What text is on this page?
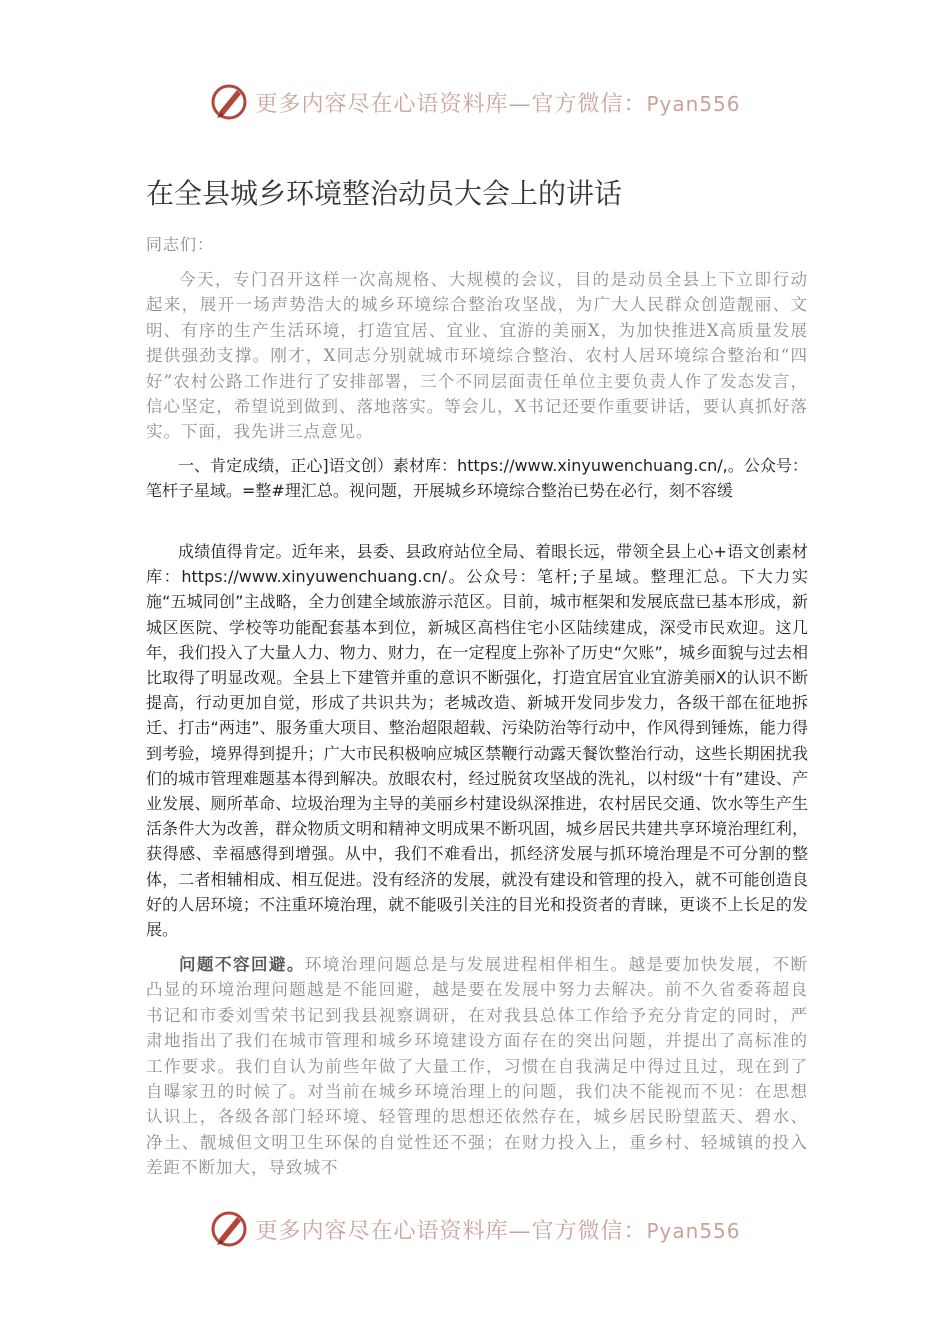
更多内容尽在心语资料库—官方微信：Pyan556
在全县城乡环境整治动员大会上的讲话

同志们：

今天，专门召开这样一次高规格、大规模的会议，目的是动员全县上下立即行动起来，展开一场声势浩大的城乡环境综合整治攻坚战，为广大人民群众创造靓丽、文明、有序的生产生活环境，打造宜居、宜业、宜游的美丽X，为加快推进X高质量发展提供强劲支撑。刚才，X同志分别就城市环境综合整治、农村人居环境综合整治和“四好”农村公路工作进行了安排部署，三个不同层面责任单位主要负责人作了发态发言，信心坚定，希望说到做到、落地落实。等会儿，X书记还要作重要讲话，要认真抓好落实。下面，我先讲三点意见。

一、肯定成绩，正心]语文创）素材库：https://www.xinyuwenchuang.cn/,。公众号：笔杆子星域。=整#理汇总。视问题，开展城乡环境综合整治已势在必行，刻不容缓

成绩值得肯定。近年来，县委、县政府站位全局、着眼长远，带领全县上心+语文创素材库：https://www.xinyuwenchuang.cn/。公众号：笔杆;子星域。整理汇总。下大力实施“五城同创”主战略，全力创建全域旅游示范区。目前，城市框架和发展底盘已基本形成，新城区医院、学校等功能配套基本到位，新城区高档住宅小区陆续建成，深受市民欢迎。这几年，我们投入了大量人力、物力、财力，在一定程度上弥补了历史“欠账”，城乡面貌与过去相比取得了明显改观。全县上下建管并重的意识不断强化，打造宜居宜业宜游美丽X的认识不断提高，行动更加自觉，形成了共识共为；老城改造、新城开发同步发力，各级干部在征地拆迁、打击“两违”、服务重大项目、整治超限超载、污染防治等行动中，作风得到锤炼，能力得到考验，境界得到提升；广大市民积极响应城区禁鞭行动露天餐饮整治行动，这些长期困扰我们的城市管理难题基本得到解决。放眼农村，经过脱贫攻坚战的洗礼，以村级“十有”建设、产业发展、厕所革命、垃圾治理为主导的美丽乡村建设纵深推进，农村居民交通、饮水等生产生活条件大为改善，群众物质文明和精神文明成果不断巩固，城乡居民共建共享环境治理红利，获得感、幸福感得到增强。从中，我们不难看出，抓经济发展与抓环境治理是不可分割的整体，二者相辅相成、相互促进。没有经济的发展，就没有建设和管理的投入，就不可能创造良好的人居环境；不注重环境治理，就不能吸引关注的目光和投资者的青睐，更谈不上长足的发展。

问题不容回避。环境治理问题总是与发展进程相伴相生。越是要加快发展，不断凸显的环境治理问题越是不能回避，越是要在发展中努力去解决。前不久省委蒋超良书记和市委刘雪荣书记到我县视察调研，在对我县总体工作给予充分肯定的同时，严肃地指出了我们在城市管理和城乡环境建设方面存在的突出问题，并提出了高标准的工作要求。我们自认为前些年做了大量工作，习惯在自我满足中得过且过，现在到了自曝家丑的时候了。对当前在城乡环境治理上的问题，我们决不能视而不见：在思想认识上，各级各部门轻环境、轻管理的思想还依然存在，城乡居民盼望蓝天、碧水、净土、靓城但文明卫生环保的自觉性还不强；在财力投入上，重乡村、轻城镇的投入差距不断加大，导致城不

更多内容尽在心语资料库—官方微信：Pyan556
